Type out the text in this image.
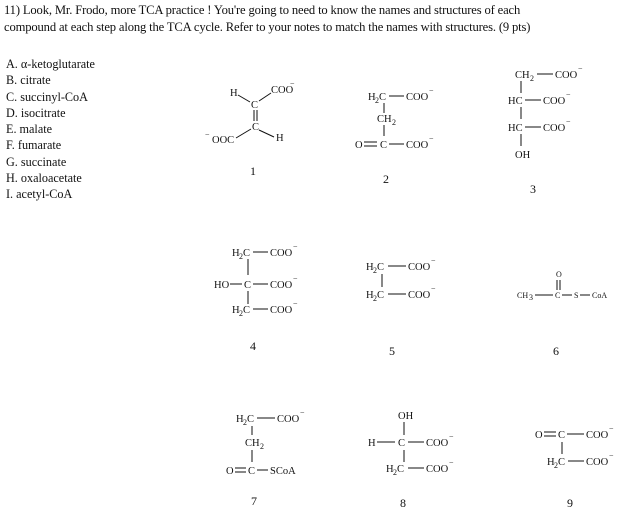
11) Look, Mr. Frodo, more TCA practice ! You're going to need to know the names and structures of each
compound at each step along the TCA cycle. Refer to your notes to match the names with structures. (9 pts)
A. α-ketoglutarate
B. citrate
C. succinyl-CoA
D. isocitrate
E. malate
F. fumarate
G. succinate
H. oxaloacetate
I. acetyl-CoA
H	COO
−
C
C
OOC
−	H
1
H 2 C COO
−
CH 2
O C COO
−
2
CH 2 COO
−
HC COO
−
HC COO
−
OH
3
H 2 C COO
−
HO C COO
−
H 2 C COO
−
4
H 2 C COO
−
H 2 C COO
−
5
O
CH 3	C S CoA
6
H 2 C COO
−
CH 2
O C SCoA
7
OH
H C COO
−
H 2 C COO
−
8
O C COO
−
H 2 C COO
−
9
